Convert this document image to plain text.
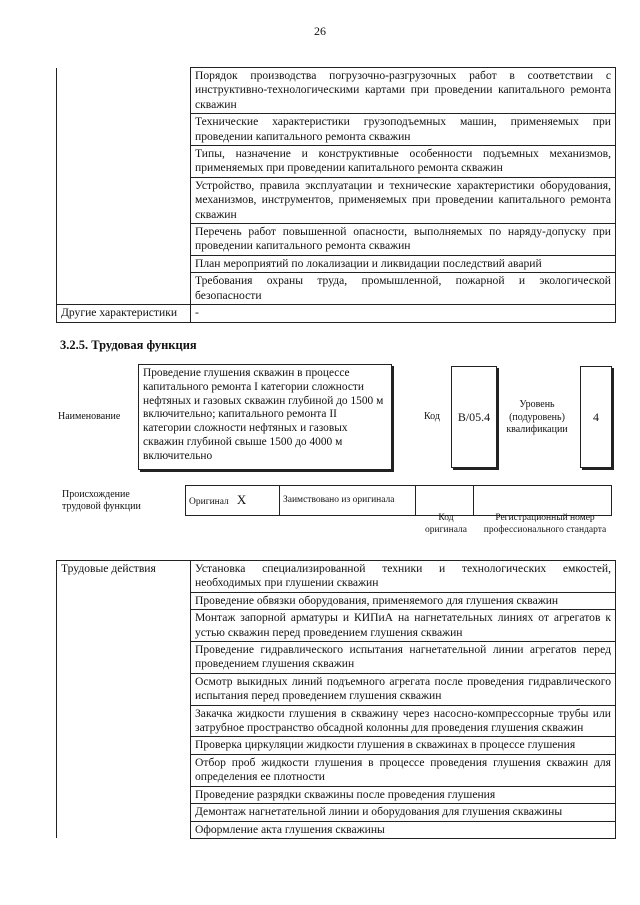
26
	Порядок производства погрузочно-разгрузочных работ в соответствии с инструктивно-технологическими картами при проведении капитального ремонта скважин
	Технические характеристики грузоподъемных машин, применяемых при проведении капитального ремонта скважин
	Типы, назначение и конструктивные особенности подъемных механизмов, применяемых при проведении капитального ремонта скважин
	Устройство, правила эксплуатации и технические характеристики оборудования, механизмов, инструментов, применяемых при проведении капитального ремонта скважин
	Перечень работ повышенной опасности, выполняемых по наряду-допуску при проведении капитального ремонта скважин
	План мероприятий по локализации и ликвидации последствий аварий
	Требования охраны труда, промышленной, пожарной и экологической безопасности
Другие характеристики	-
3.2.5. Трудовая функция
Наименование
Проведение глушения скважин в процессе капитального ремонта I категории сложности нефтяных и газовых скважин глубиной до 1500 м включительно; капитального ремонта II категории сложности нефтяных и газовых скважин глубиной свыше 1500 до 4000 м включительно
Код	В/05.4
Уровень (подуровень) квалификации
4
Происхождение трудовой функции	Оригинал X	Заимствовано из оригинала		
Код оригинала
Регистрационный номер профессионального стандарта
Трудовые действия	Установка специализированной техники и технологических емкостей, необходимых при глушении скважин
Проведение обвязки оборудования, применяемого для глушения скважин
Монтаж запорной арматуры и КИПиА на нагнетательных линиях от агрегатов к устью скважин перед проведением глушения скважин
Проведение гидравлического испытания нагнетательной линии агрегатов перед проведением глушения скважин
Осмотр выкидных линий подъемного агрегата после проведения гидравлического испытания перед проведением глушения скважин
Закачка жидкости глушения в скважину через насосно-компрессорные трубы или затрубное пространство обсадной колонны для проведения глушения скважин
Проверка циркуляции жидкости глушения в скважинах в процессе глушения
Отбор проб жидкости глушения в процессе проведения глушения скважин для определения ее плотности
Проведение разрядки скважины после проведения глушения
Демонтаж нагнетательной линии и оборудования для глушения скважины
Оформление акта глушения скважины
